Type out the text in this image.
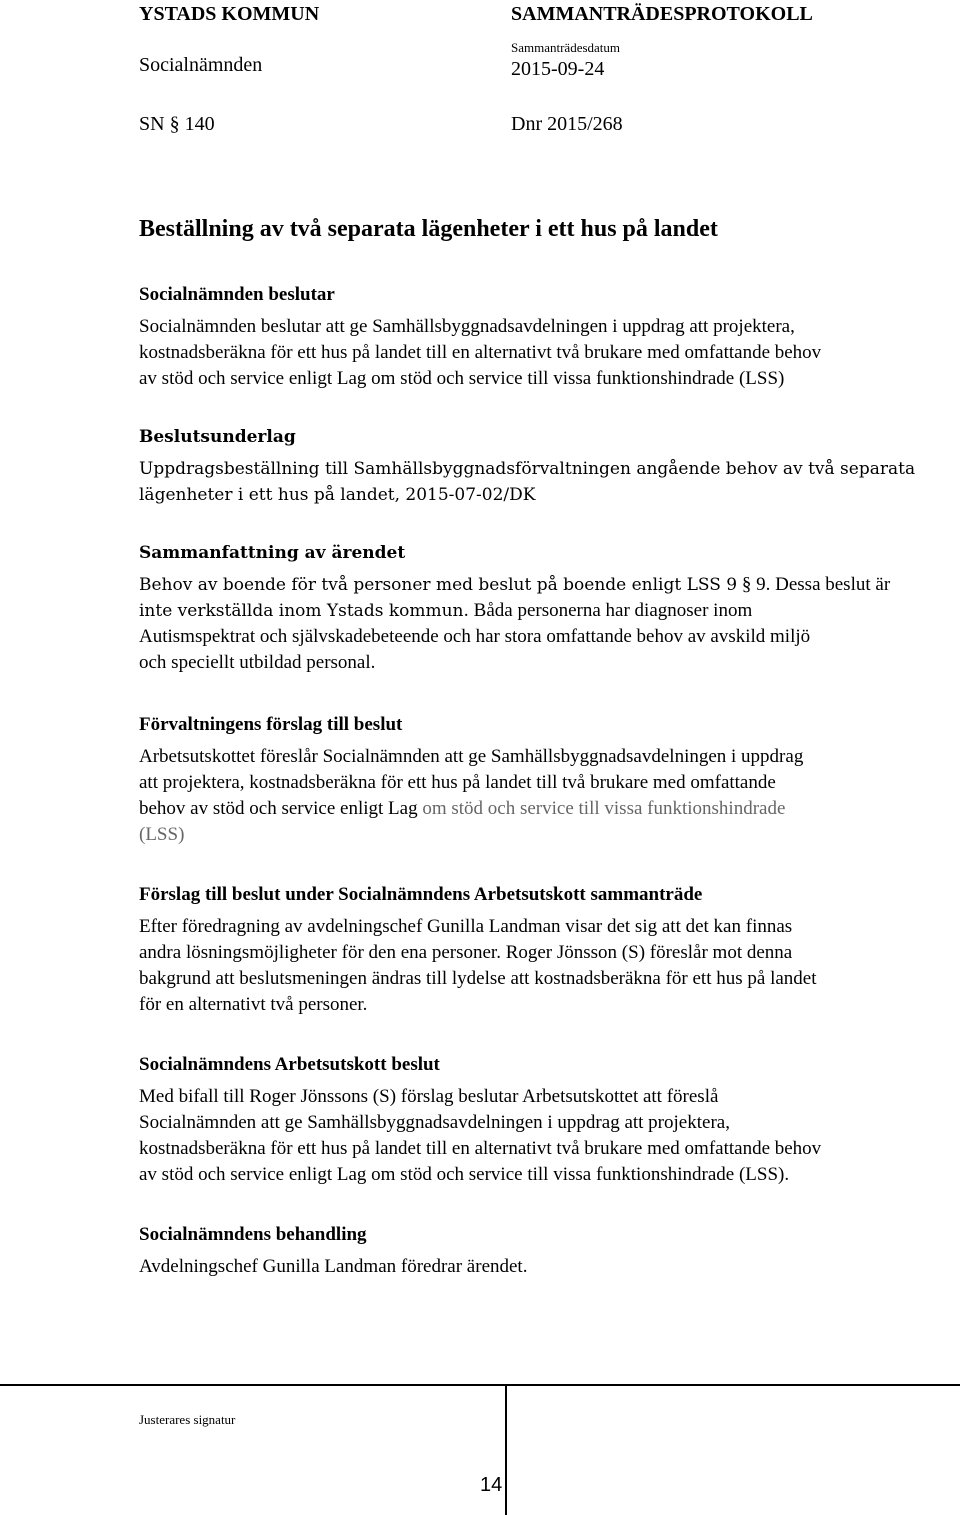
YSTADS KOMMUN	SAMMANTRÄDESPROTOKOLL
Socialnämnden
Sammanträdesdatum
2015-09-24
SN § 140	Dnr 2015/268
Beställning av två separata lägenheter i ett hus på landet
Socialnämnden beslutar

Socialnämnden beslutar att ge Samhällsbyggnadsavdelningen i uppdrag att projektera,

kostnadsberäkna för ett hus på landet till en alternativt två brukare med omfattande behov

av stöd och service enligt Lag om stöd och service till vissa funktionshindrade (LSS)

Beslutsunderlag

Uppdragsbeställning till Samhällsbyggnadsförvaltningen angående behov av två separata

lägenheter i ett hus på landet, 2015-07-02/DK

Sammanfattning av ärendet

Behov av boende för två personer med beslut på boende enligt LSS 9 § 9. Dessa beslut är

inte verkställda inom Ystads kommun. Båda personerna har diagnoser inom

Autismspektrat och självskadebeteende och har stora omfattande behov av avskild miljö

och speciellt utbildad personal.

Förvaltningens förslag till beslut

Arbetsutskottet föreslår Socialnämnden att ge Samhällsbyggnadsavdelningen i uppdrag

att projektera, kostnadsberäkna för ett hus på landet till två brukare med omfattande

behov av stöd och service enligt Lag om stöd och service till vissa funktionshindrade

(LSS)

Förslag till beslut under Socialnämndens Arbetsutskott sammanträde

Efter föredragning av avdelningschef Gunilla Landman visar det sig att det kan finnas

andra lösningsmöjligheter för den ena personer. Roger Jönsson (S) föreslår mot denna

bakgrund att beslutsmeningen ändras till lydelse att kostnadsberäkna för ett hus på landet

för en alternativt två personer.

Socialnämndens Arbetsutskott beslut

Med bifall till Roger Jönssons (S) förslag beslutar Arbetsutskottet att föreslå

Socialnämnden att ge Samhällsbyggnadsavdelningen i uppdrag att projektera,

kostnadsberäkna för ett hus på landet till en alternativt två brukare med omfattande behov

av stöd och service enligt Lag om stöd och service till vissa funktionshindrade (LSS).

Socialnämndens behandling

Avdelningschef Gunilla Landman föredrar ärendet.

Justerares signatur
14
